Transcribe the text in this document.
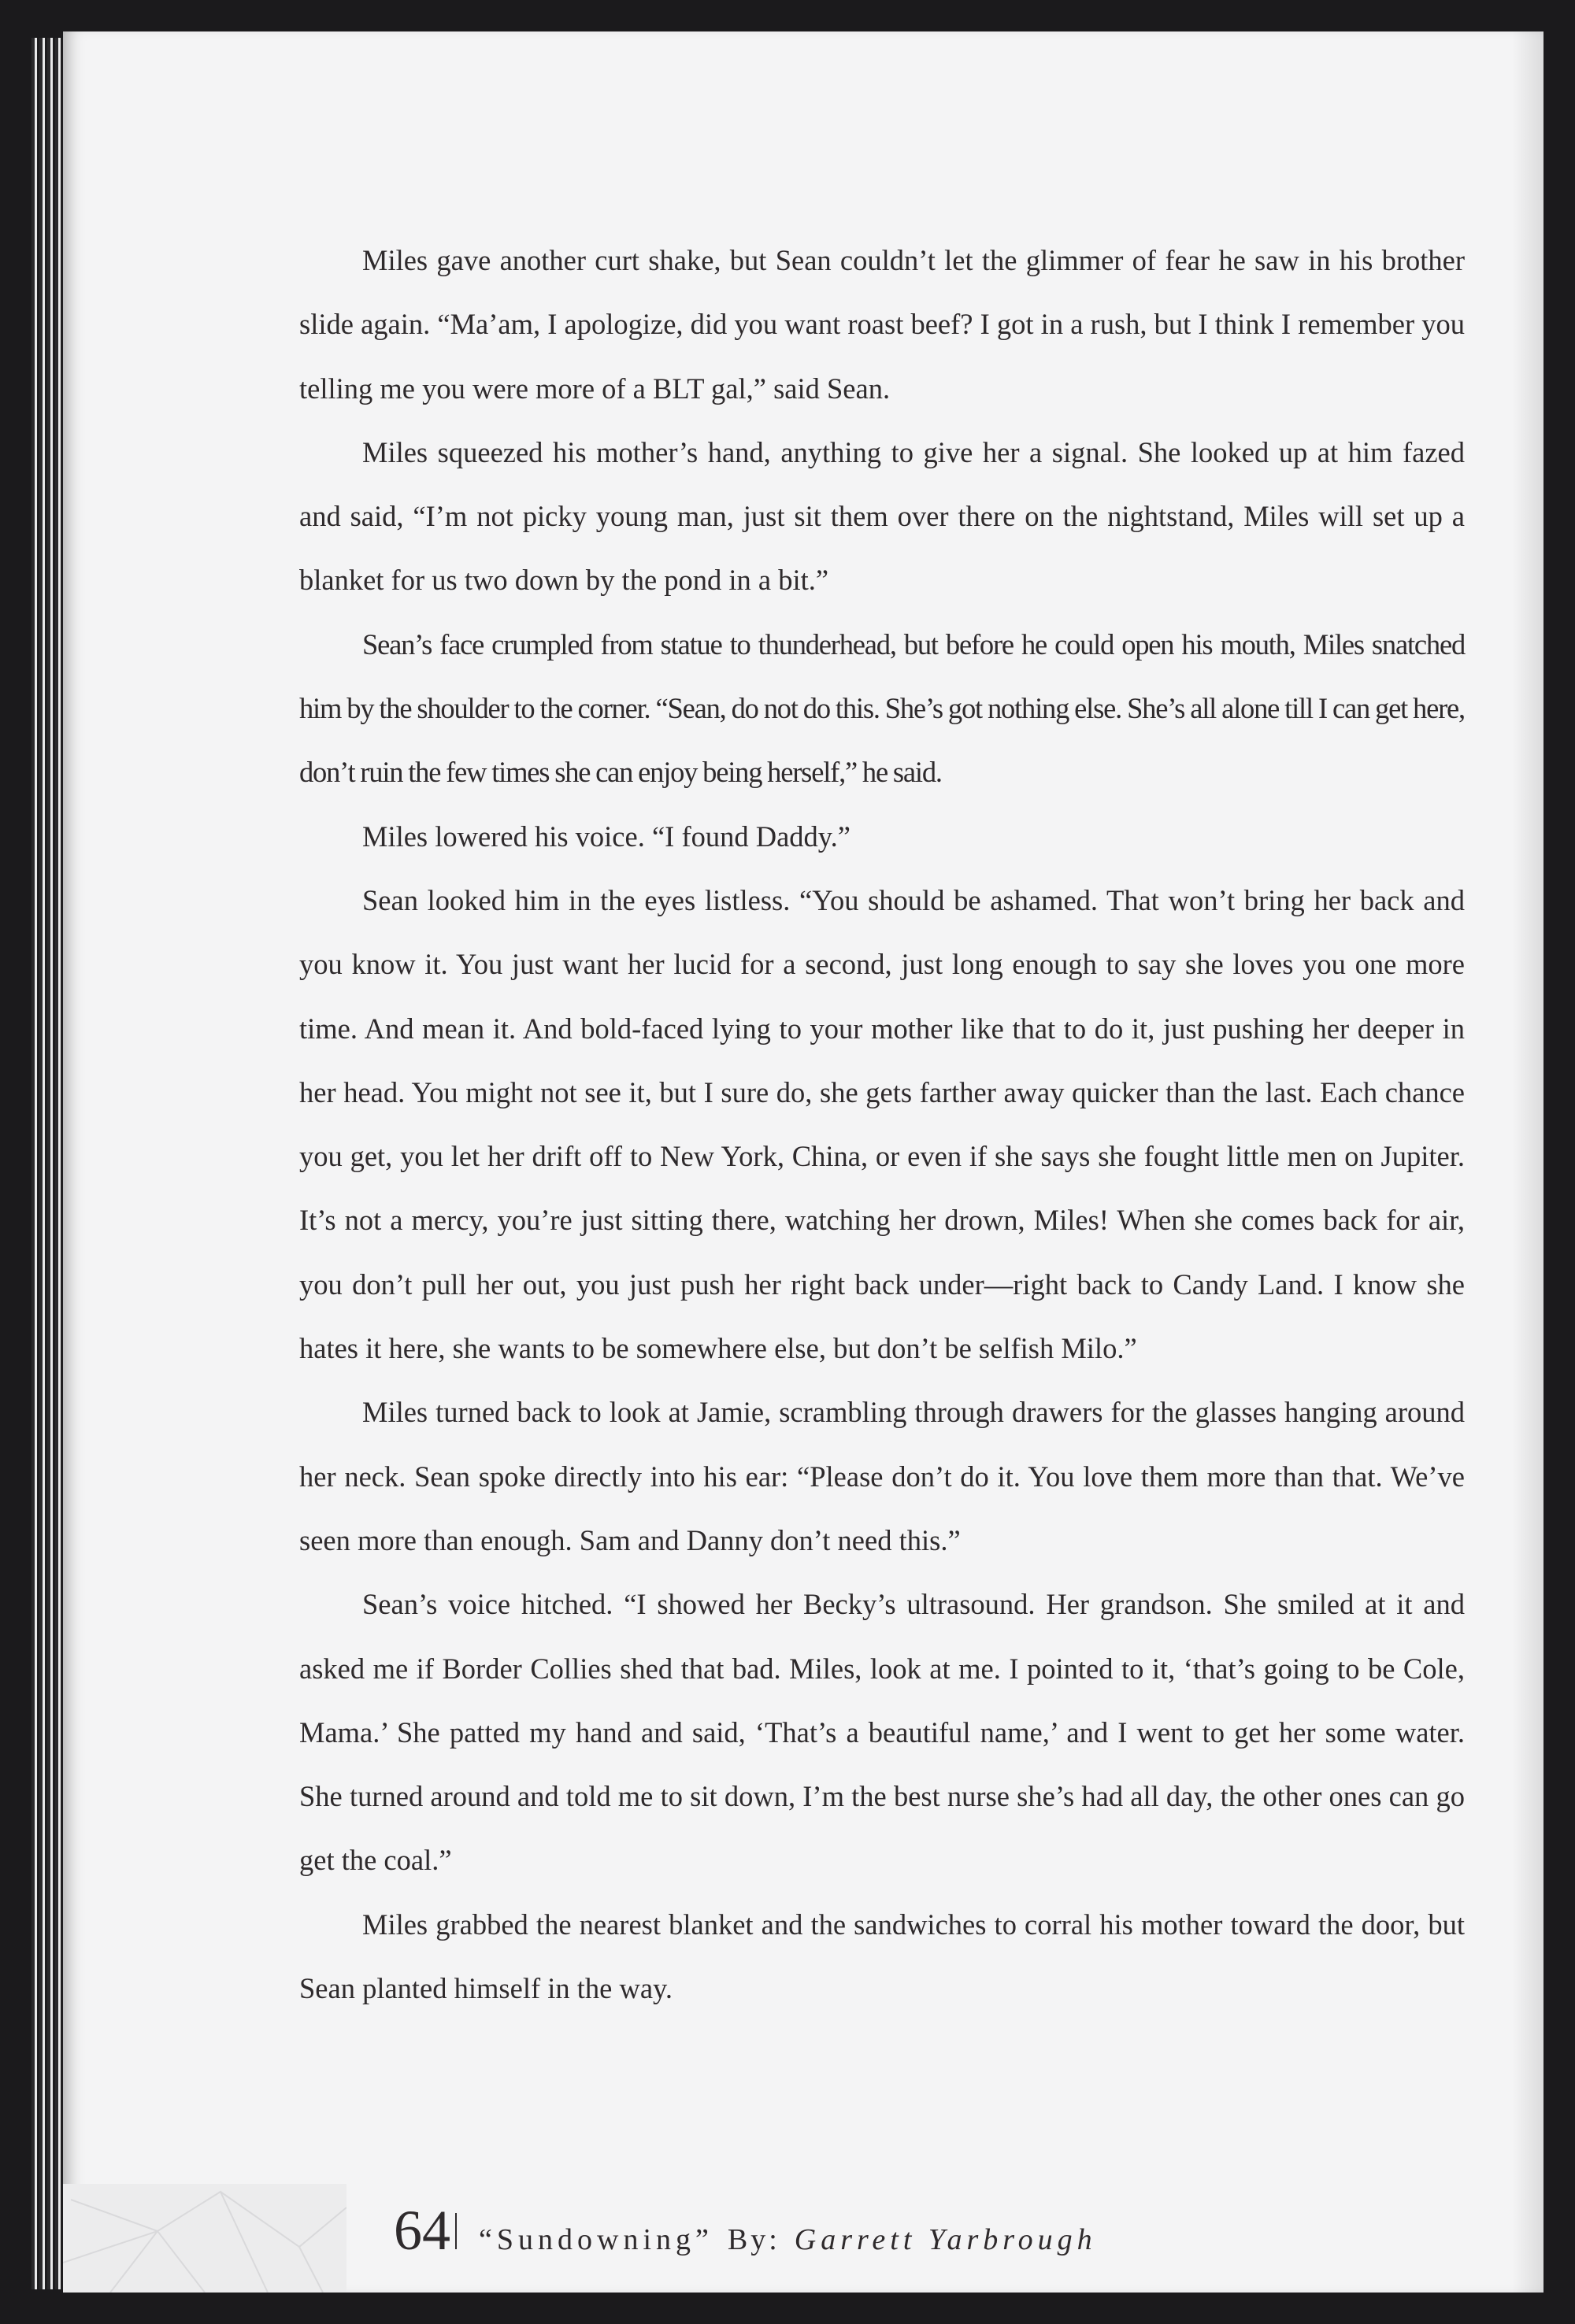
Miles gave another curt shake, but Sean couldn’t let the glimmer of fear he saw in his brother slide again. “Ma’am, I apologize, did you want roast beef? I got in a rush, but I think I remember you telling me you were more of a BLT gal,” said Sean.

Miles squeezed his mother’s hand, anything to give her a signal. She looked up at him fazed and said, “I’m not picky young man, just sit them over there on the nightstand, Miles will set up a blanket for us two down by the pond in a bit.”

Sean’s face crumpled from statue to thunderhead, but before he could open his mouth, Miles snatched him by the shoulder to the corner. “Sean, do not do this. She’s got nothing else. She’s all alone till I can get here, don’t ruin the few times she can enjoy being herself,” he said.

Miles lowered his voice. “I found Daddy.”

Sean looked him in the eyes listless. “You should be ashamed. That won’t bring her back and you know it. You just want her lucid for a second, just long enough to say she loves you one more time. And mean it. And bold-faced lying to your mother like that to do it, just pushing her deeper in her head. You might not see it, but I sure do, she gets farther away quicker than the last. Each chance you get, you let her drift off to New York, China, or even if she says she fought little men on Jupiter. It’s not a mercy, you’re just sitting there, watching her drown, Miles! When she comes back for air, you don’t pull her out, you just push her right back under—right back to Candy Land. I know she hates it here, she wants to be somewhere else, but don’t be selfish Milo.”

Miles turned back to look at Jamie, scrambling through drawers for the glasses hanging around her neck. Sean spoke directly into his ear: “Please don’t do it. You love them more than that. We’ve seen more than enough. Sam and Danny don’t need this.”

Sean’s voice hitched. “I showed her Becky’s ultrasound. Her grandson. She smiled at it and asked me if Border Collies shed that bad. Miles, look at me. I pointed to it, ‘that’s going to be Cole, Mama.’ She patted my hand and said, ‘That’s a beautiful name,’ and I went to get her some water. She turned around and told me to sit down, I’m the best nurse she’s had all day, the other ones can go get the coal.”

Miles grabbed the nearest blanket and the sandwiches to corral his mother toward the door, but Sean planted himself in the way.

64 “Sundowning” By: Garrett Yarbrough
